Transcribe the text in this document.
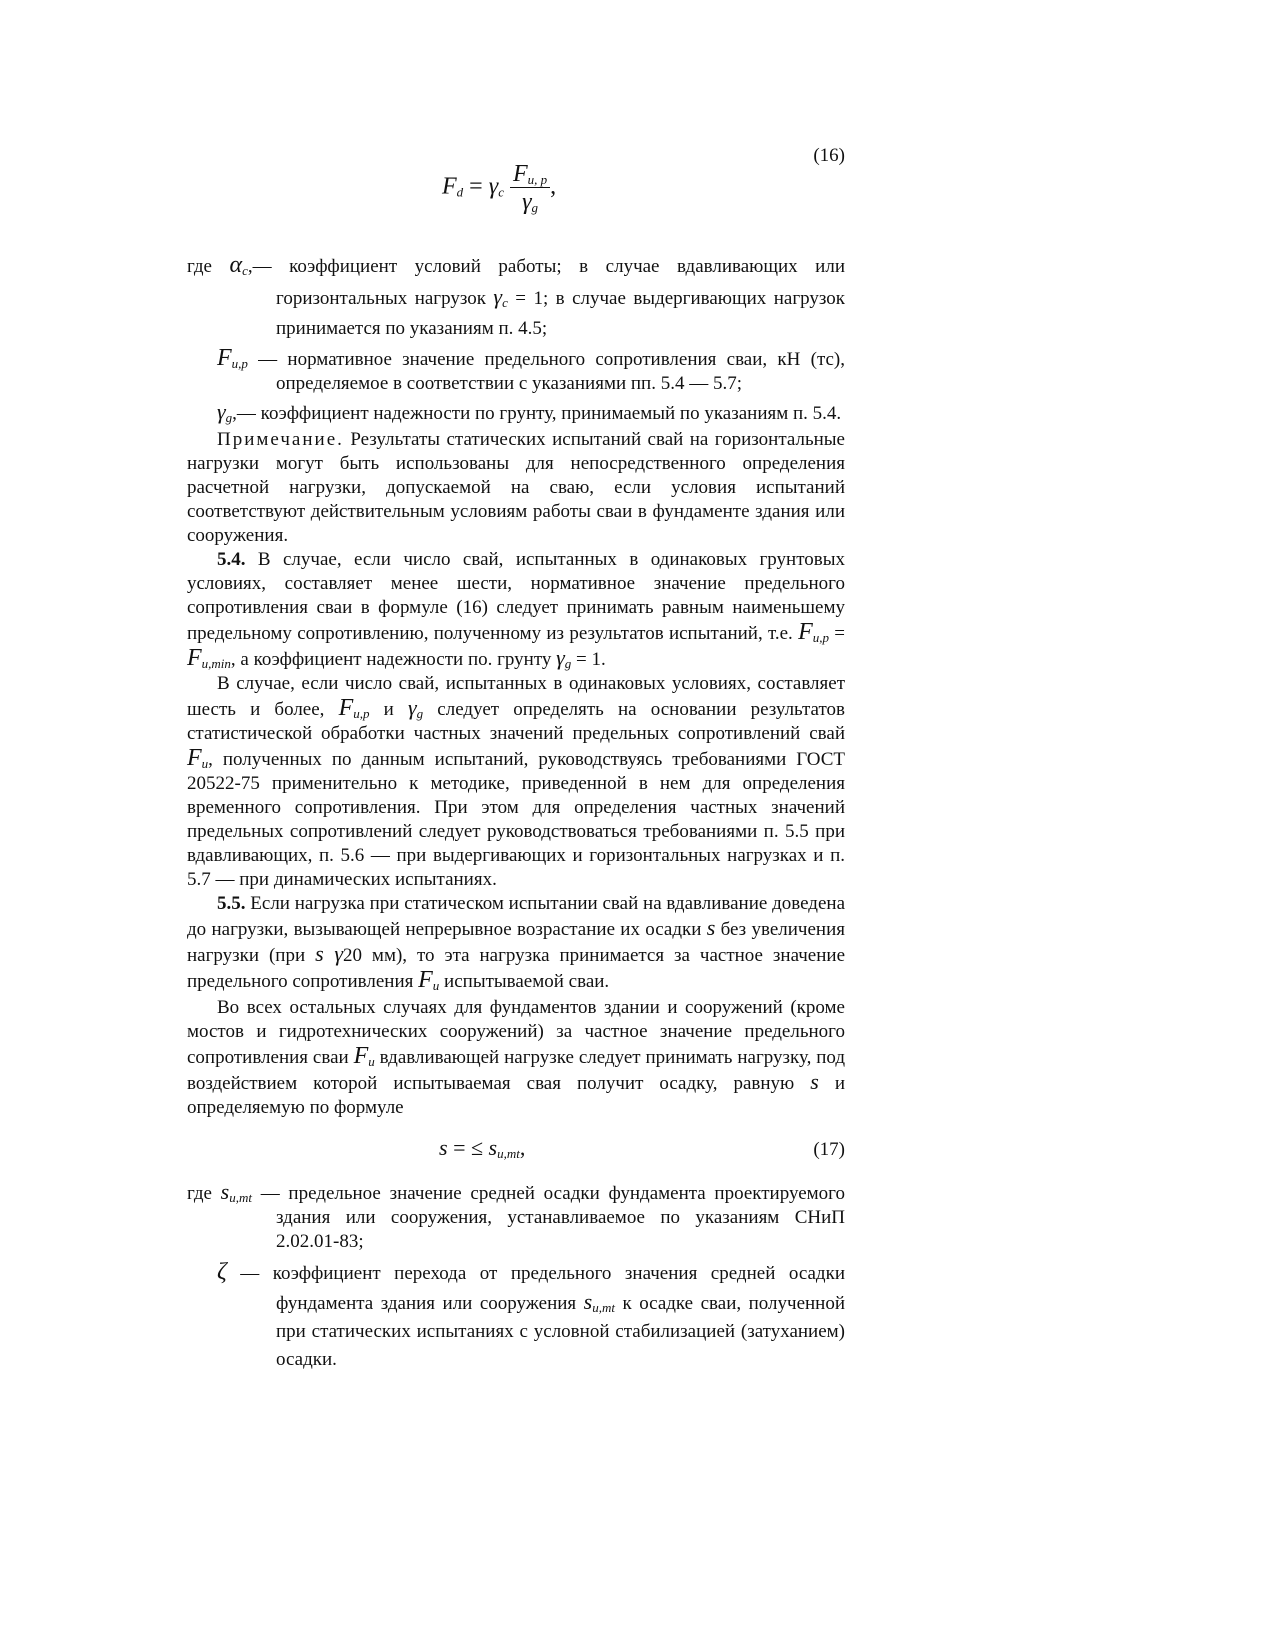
(16)
$F_d = \gamma_c \frac{F_{u, p}}{\gamma_g}$ ,

где $\alpha_c,—$ коэффициент условий работы; в случае вдавливающих или горизонтальных нагрузок $\gamma_c = 1$; в случае выдергивающих нагрузок принимается по указаниям п. 4.5;

$F_{u,p}$ — нормативное значение предельного сопротивления сваи, кН (тс), определяемое в соответствии с указаниями пп. 5.4 — 5.7;

$\gamma_g,—$ коэффициент надежности по грунту, принимаемый по указаниям п. 5.4.

Примечание. Результаты статических испытаний свай на горизонтальные нагрузки могут быть использованы для непосредственного определения расчетной нагрузки, допускаемой на сваю, если условия испытаний соответствуют действительным условиям работы сваи в фундаменте здания или сооружения.

5.4. В случае, если число свай, испытанных в одинаковых грунтовых условиях, составляет менее шести, нормативное значение предельного сопротивления сваи в формуле (16) следует принимать равным наименьшему предельному сопротивлению, полученному из результатов испытаний, т.е. $F_{u,p} = F_{u,min}$, а коэффициент надежности по. грунту $\gamma_g = 1$.

В случае, если число свай, испытанных в одинаковых условиях, составляет шесть и более, $F_{u,p}$ и $\gamma_g$ следует определять на основании результатов статистической обработки частных значений предельных сопротивлений свай $F_u$, полученных по данным испытаний, руководствуясь требованиями ГОСТ 20522-75 применительно к методике, приведенной в нем для определения временного сопротивления. При этом для определения частных значений предельных сопротивлений следует руководствоваться требованиями п. 5.5 при вдавливающих, п. 5.6 — при выдергивающих и горизонтальных нагрузках и п. 5.7 — при динамических испытаниях.

5.5. Если нагрузка при статическом испытании свай на вдавливание доведена до нагрузки, вызывающей непрерывное возрастание их осадки s без увеличения нагрузки (при s γ20 мм), то эта нагрузка принимается за частное значение предельного сопротивления $F_u$ испытываемой сваи.

Во всех остальных случаях для фундаментов здании и сооружений (кроме мостов и гидротехнических сооружений) за частное значение предельного сопротивления сваи $F_u$ вдавливающей нагрузке следует принимать нагрузку, под воздействием которой испытываемая свая получит осадку, равную s и определяемую по формуле

s = ≤ $s_{u,mt}$,	(17)

где $s_{u,mt}$ — предельное значение средней осадки фундамента проектируемого здания или сооружения, устанавливаемое по указаниям СНиП 2.02.01-83;

ζ — коэффициент перехода от предельного значения средней осадки фундамента здания или сооружения $s_{u,mt}$ к осадке сваи, полученной при статических испытаниях с условной стабилизацией (затуханием) осадки.
